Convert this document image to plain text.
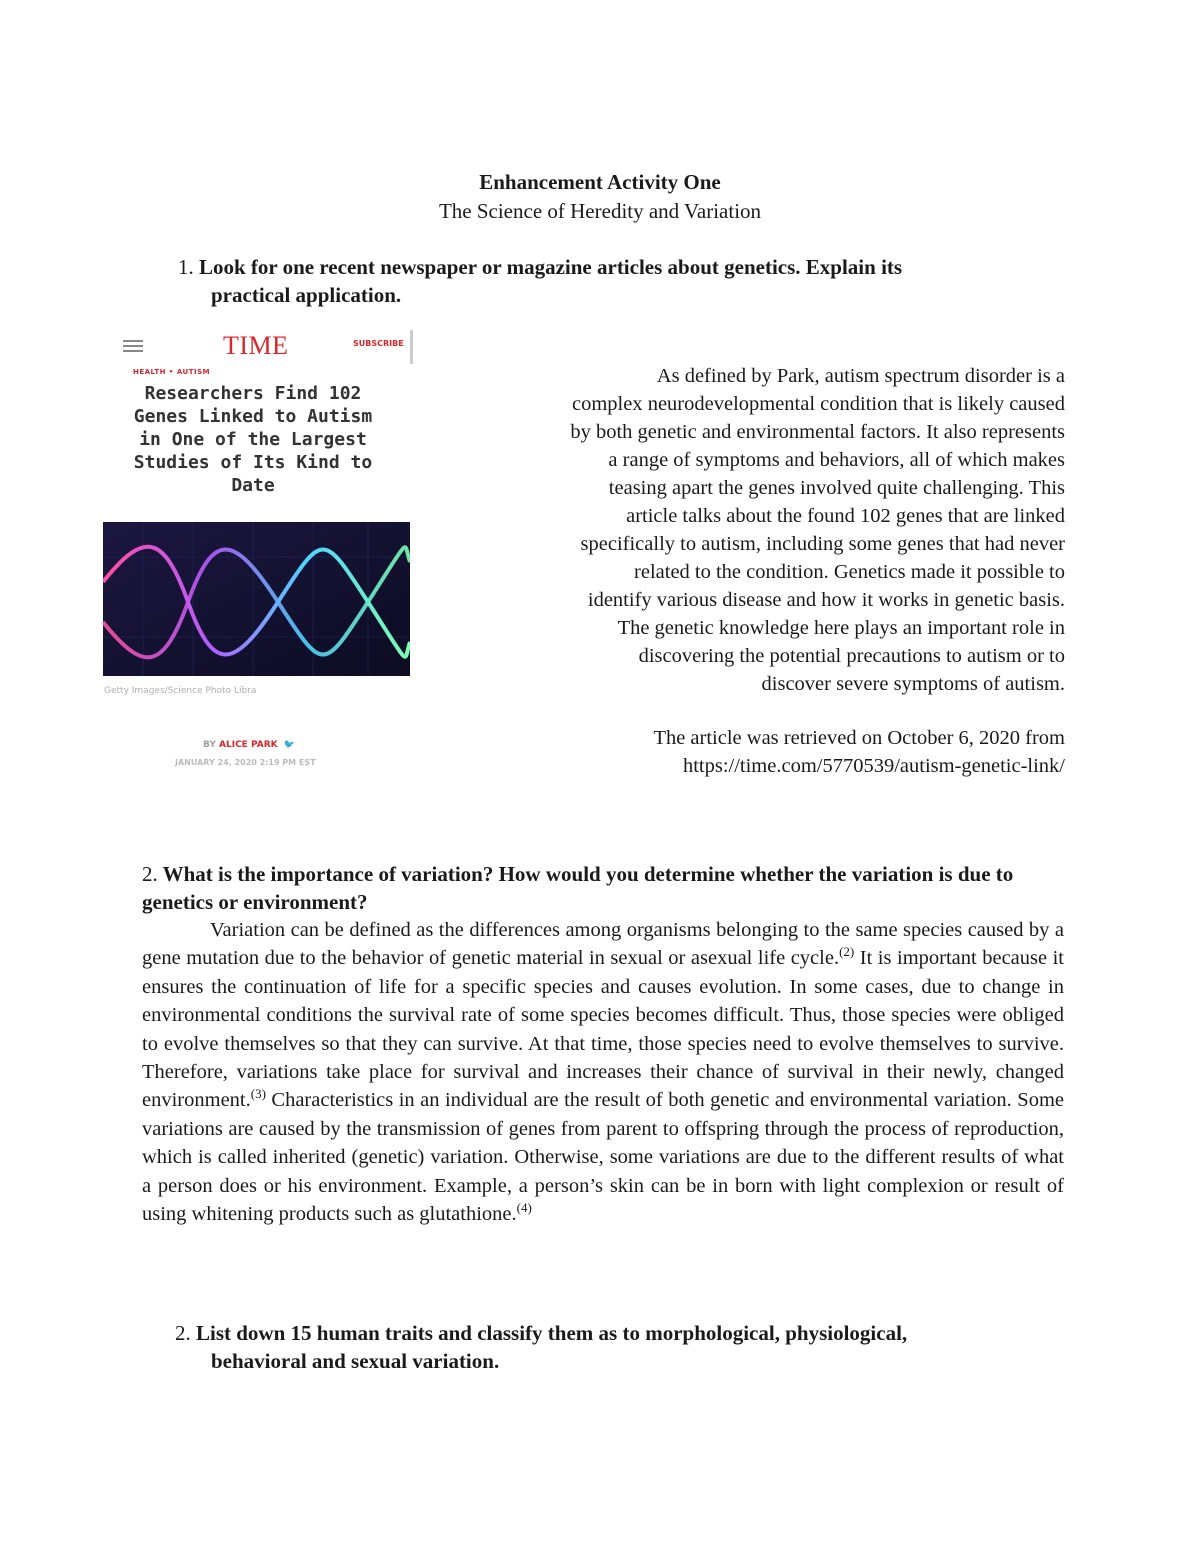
Enhancement Activity One
The Science of Heredity and Variation
1. Look for one recent newspaper or magazine articles about genetics. Explain its
practical application.
TIME	SUBSCRIBE
HEALTH • AUTISM
Researchers Find 102
Genes Linked to Autism
in One of the Largest
Studies of Its Kind to
Date
Getty Images/Science Photo Libra
BY ALICE PARK 🐦
JANUARY 24, 2020 2:19 PM EST

As defined by Park, autism spectrum disorder is a

complex neurodevelopmental condition that is likely caused

by both genetic and environmental factors. It also represents

a range of symptoms and behaviors, all of which makes

teasing apart the genes involved quite challenging. This

article talks about the found 102 genes that are linked

specifically to autism, including some genes that had never

related to the condition. Genetics made it possible to

identify various disease and how it works in genetic basis.

The genetic knowledge here plays an important role in

discovering the potential precautions to autism or to

discover severe symptoms of autism.

The article was retrieved on October 6, 2020 from

https://time.com/5770539/autism-genetic-link/

2. What is the importance of variation? How would you determine whether the variation is due to genetics or environment?
Variation can be defined as the differences among organisms belonging to the same species caused by a gene mutation due to the behavior of genetic material in sexual or asexual life cycle.$^{(2)}$ It is important because it ensures the continuation of life for a specific species and causes evolution. In some cases, due to change in environmental conditions the survival rate of some species becomes difficult. Thus, those species were obliged to evolve themselves so that they can survive. At that time, those species need to evolve themselves to survive. Therefore, variations take place for survival and increases their chance of survival in their newly, changed environment.$^{(3)}$ Characteristics in an individual are the result of both genetic and environmental variation. Some variations are caused by the transmission of genes from parent to offspring through the process of reproduction, which is called inherited (genetic) variation. Otherwise, some variations are due to the different results of what a person does or his environment. Example, a person’s skin can be in born with light complexion or result of using whitening products such as glutathione.$^{(4)}$
2. List down 15 human traits and classify them as to morphological, physiological,
behavioral and sexual variation.
